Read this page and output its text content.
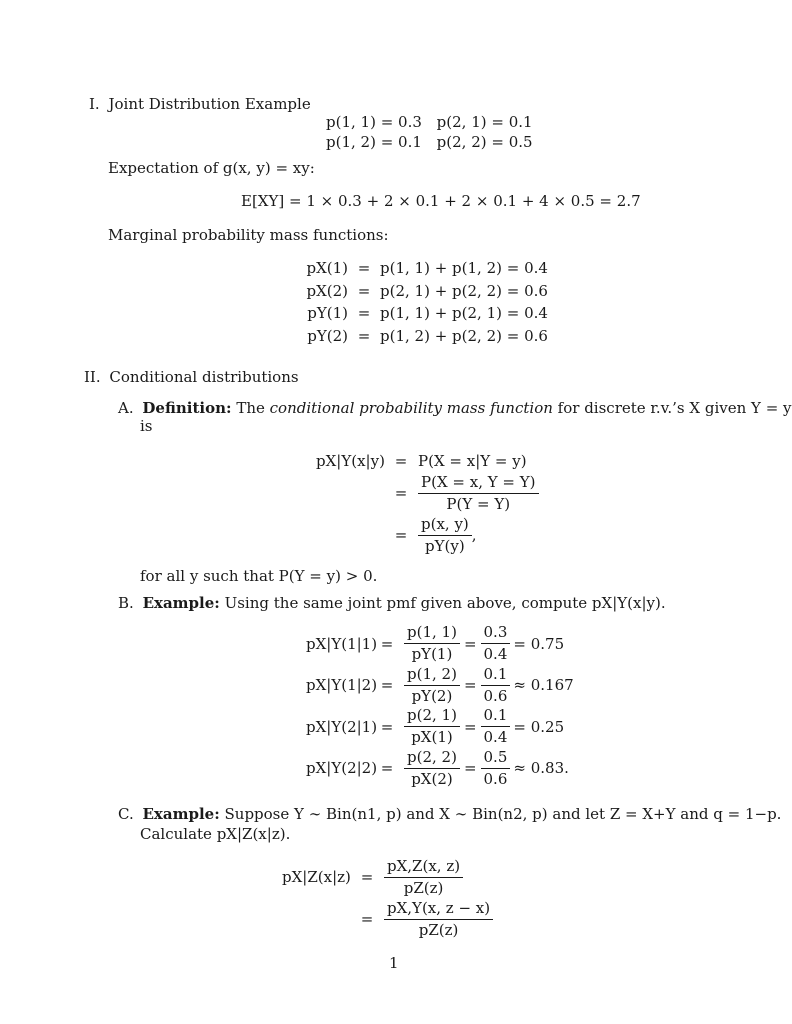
I. Joint Distribution Example
p(1, 1) = 0.3 p(2, 1) = 0.1
p(1, 2) = 0.1 p(2, 2) = 0.5
Expectation of g(x, y) = xy:
E[XY] = 1 × 0.3 + 2 × 0.1 + 2 × 0.1 + 4 × 0.5 = 2.7
Marginal probability mass functions:
pX(1) = p(1, 1) + p(1, 2) = 0.4
pX(2) = p(2, 1) + p(2, 2) = 0.6
pY(1) = p(1, 1) + p(2, 1) = 0.4
pY(2) = p(1, 2) + p(2, 2) = 0.6
II. Conditional distributions
A. Definition: The conditional probability mass function for discrete r.v.’s X given Y = y
is
pX|Y(x|y) = P(X = x|Y = y)
= $\frac{P(X = x, Y = Y)}{P(Y = Y)}$
= $\frac{p(x, y)}{pY(y)}$ ,
for all y such that P(Y = y) > 0.
B. Example: Using the same joint pmf given above, compute pX|Y(x|y).
$pX|Y(1|1) = \frac{p(1, 1)}{pY(1)} = \frac{0.3}{0.4} = 0.75$
$pX|Y(1|2) = \frac{p(1, 2)}{pY(2)} = \frac{0.1}{0.6} \approx 0.167$
$pX|Y(2|1) = \frac{p(2, 1)}{pX(1)} = \frac{0.1}{0.4} = 0.25$
$pX|Y(2|2) = \frac{p(2, 2)}{pX(2)} = \frac{0.5}{0.6} \approx 0.83$.
C. Example: Suppose Y ∼ Bin(n1, p) and X ∼ Bin(n2, p) and let Z = X+Y and q = 1−p.
Calculate pX|Z(x|z).
$pX|Z(x|z) = \frac{pX,Z(x, z)}{pZ(z)}$
= $\frac{pX,Y(x, z - x)}{pZ(z)}$
1
